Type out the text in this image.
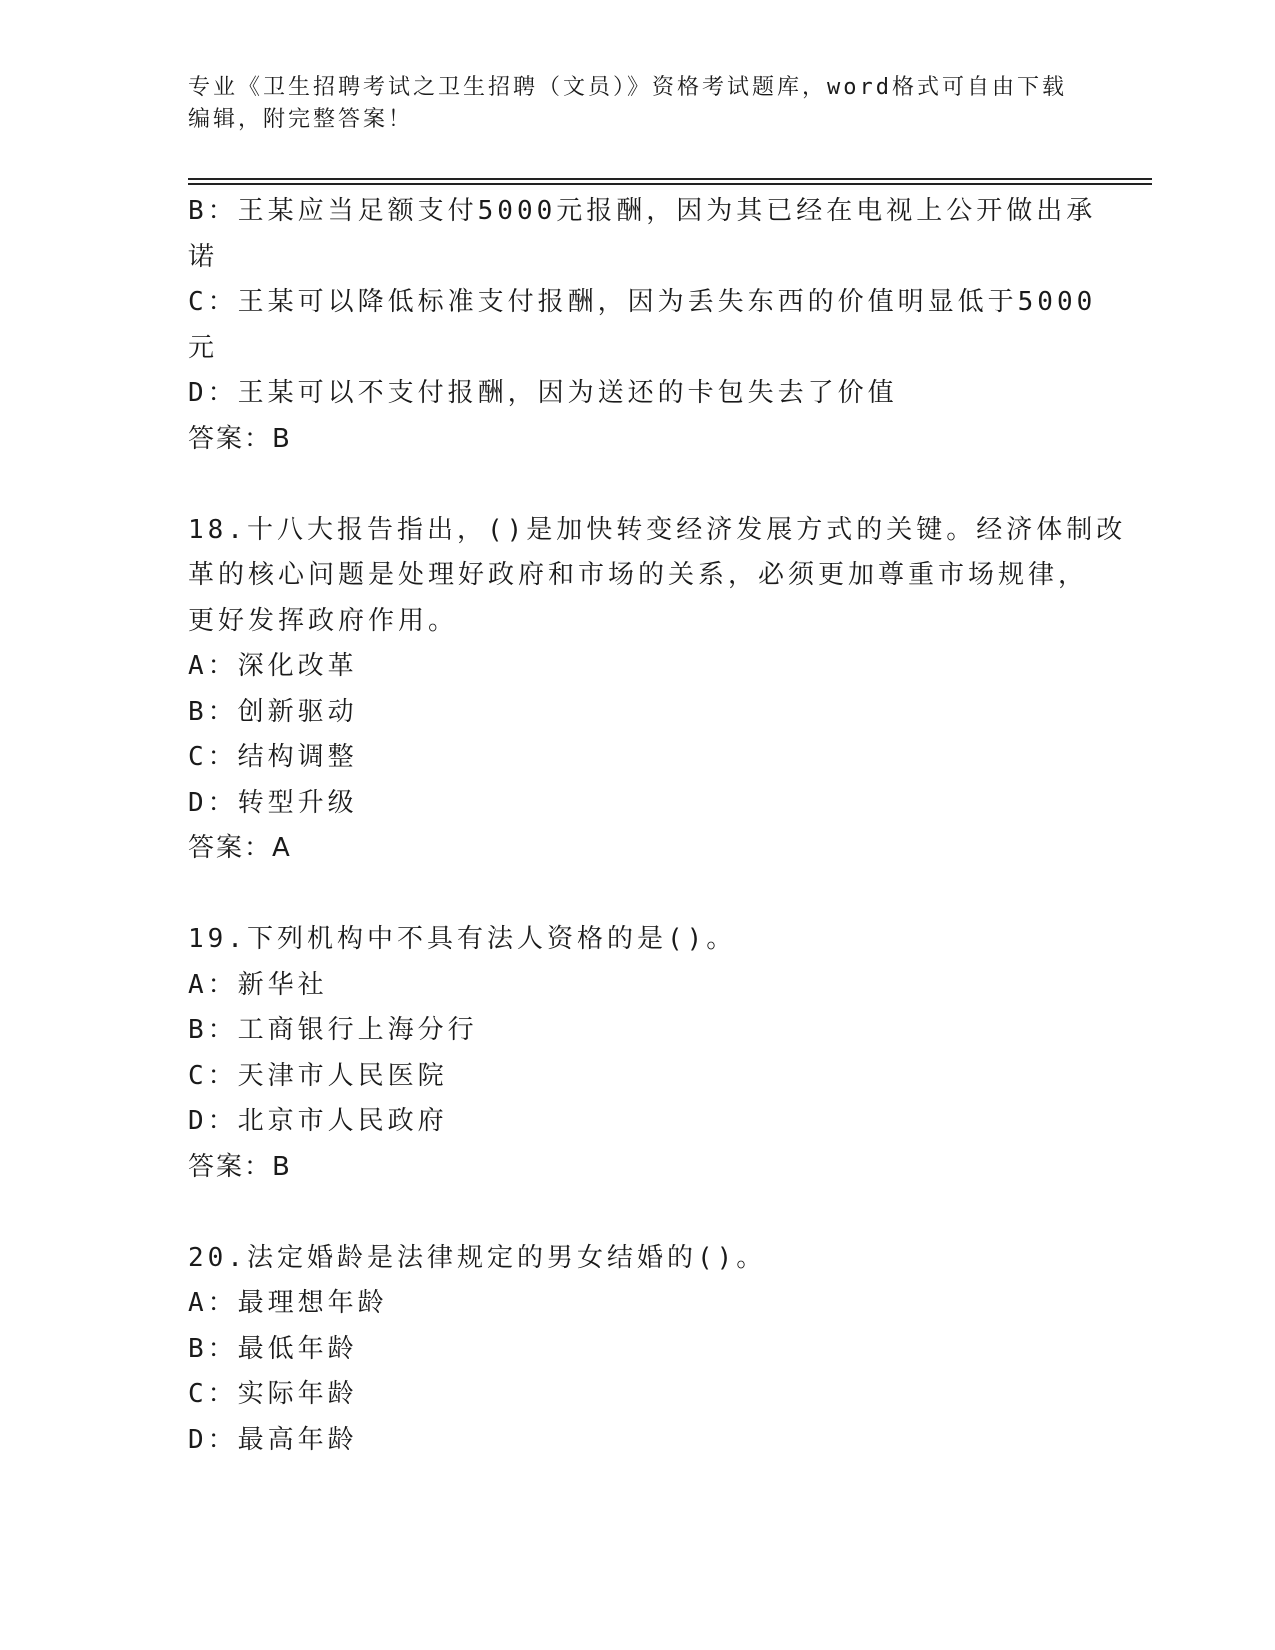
专业《卫生招聘考试之卫生招聘（文员）》资格考试题库，word格式可自由下载
编辑，附完整答案！
B：王某应当足额支付5000元报酬，因为其已经在电视上公开做出承
诺
C：王某可以降低标准支付报酬，因为丢失东西的价值明显低于5000
元
D：王某可以不支付报酬，因为送还的卡包失去了价值
答案：B
18.十八大报告指出，()是加快转变经济发展方式的关键。经济体制改
革的核心问题是处理好政府和市场的关系，必须更加尊重市场规律，
更好发挥政府作用。
A：深化改革
B：创新驱动
C：结构调整
D：转型升级
答案：A
19.下列机构中不具有法人资格的是()。
A：新华社
B：工商银行上海分行
C：天津市人民医院
D：北京市人民政府
答案：B
20.法定婚龄是法律规定的男女结婚的()。
A：最理想年龄
B：最低年龄
C：实际年龄
D：最高年龄
